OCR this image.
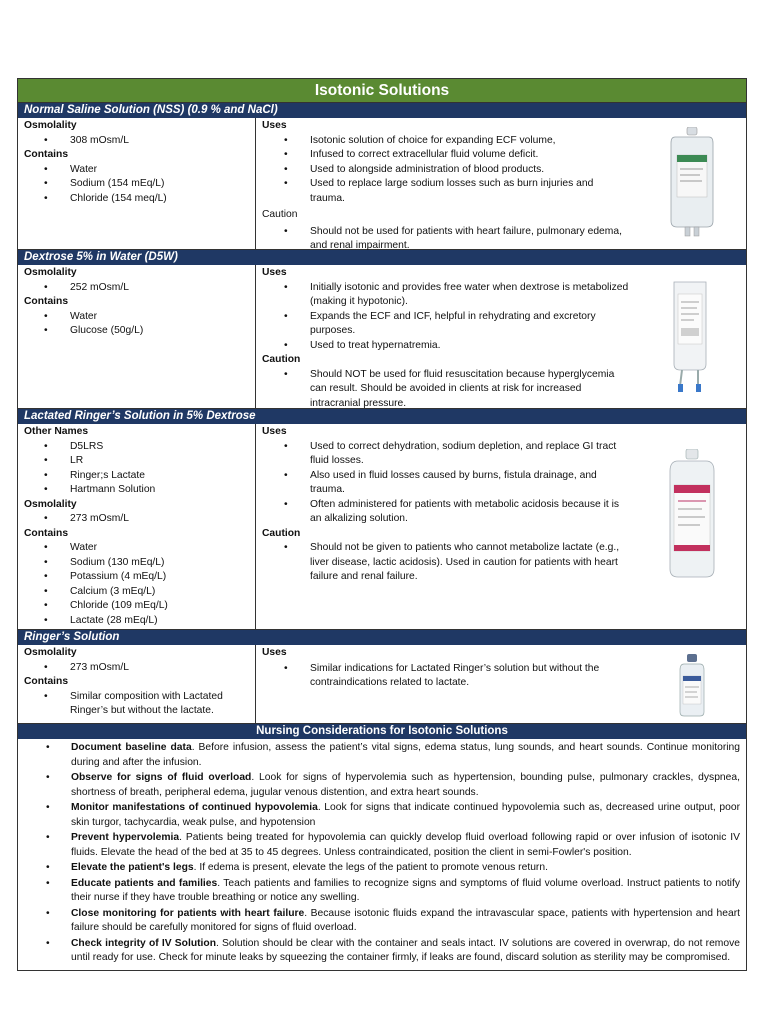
Isotonic Solutions
Normal Saline Solution (NSS) (0.9 % and NaCl)
Osmolality
• 308 mOsm/L
Contains
• Water
• Sodium (154 mEq/L)
• Chloride (154 meq/L)
Uses
• Isotonic solution of choice for expanding ECF volume,
• Infused to correct extracellular fluid volume deficit.
• Used to alongside administration of blood products.
• Used to replace large sodium losses such as burn injuries and trauma.
Caution
• Should not be used for patients with heart failure, pulmonary edema, and renal impairment.
Dextrose 5% in Water (D5W)
Osmolality
• 252 mOsm/L
Contains
• Water
• Glucose (50g/L)
Uses
• Initially isotonic and provides free water when dextrose is metabolized (making it hypotonic).
• Expands the ECF and ICF, helpful in rehydrating and excretory purposes.
• Used to treat hypernatremia.
Caution
• Should NOT be used for fluid resuscitation because hyperglycemia can result. Should be avoided in clients at risk for increased intracranial pressure.
Lactated Ringer’s Solution in 5% Dextrose
Other Names
• D5LRS
• LR
• Ringer;s Lactate
• Hartmann Solution
Osmolality
• 273 mOsm/L
Contains
• Water
• Sodium (130 mEq/L)
• Potassium (4 mEq/L)
• Calcium (3 mEq/L)
• Chloride (109 mEq/L)
• Lactate (28 mEq/L)
Uses
• Used to correct dehydration, sodium depletion, and replace GI tract fluid losses.
• Also used in fluid losses caused by burns, fistula drainage, and trauma.
• Often administered for patients with metabolic acidosis because it is an alkalizing solution.
Caution
• Should not be given to patients who cannot metabolize lactate (e.g., liver disease, lactic acidosis). Used in caution for patients with heart failure and renal failure.
Ringer’s Solution
Osmolality
• 273 mOsm/L
Contains
• Similar composition with Lactated Ringer’s but without the lactate.
Uses
• Similar indications for Lactated Ringer’s solution but without the contraindications related to lactate.
Nursing Considerations for Isotonic Solutions
• Document baseline data. Before infusion, assess the patient’s vital signs, edema status, lung sounds, and heart sounds. Continue monitoring during and after the infusion.
• Observe for signs of fluid overload. Look for signs of hypervolemia such as hypertension, bounding pulse, pulmonary crackles, dyspnea, shortness of breath, peripheral edema, jugular venous distention, and extra heart sounds.
• Monitor manifestations of continued hypovolemia. Look for signs that indicate continued hypovolemia such as, decreased urine output, poor skin turgor, tachycardia, weak pulse, and hypotension
• Prevent hypervolemia. Patients being treated for hypovolemia can quickly develop fluid overload following rapid or over infusion of isotonic IV fluids. Elevate the head of the bed at 35 to 45 degrees. Unless contraindicated, position the client in semi-Fowler's position.
• Elevate the patient's legs. If edema is present, elevate the legs of the patient to promote venous return.
• Educate patients and families. Teach patients and families to recognize signs and symptoms of fluid volume overload. Instruct patients to notify their nurse if they have trouble breathing or notice any swelling.
• Close monitoring for patients with heart failure. Because isotonic fluids expand the intravascular space, patients with hypertension and heart failure should be carefully monitored for signs of fluid overload.
• Check integrity of IV Solution. Solution should be clear with the container and seals intact. IV solutions are covered in overwrap, do not remove until ready for use. Check for minute leaks by squeezing the container firmly, if leaks are found, discard solution as sterility may be compromised.
